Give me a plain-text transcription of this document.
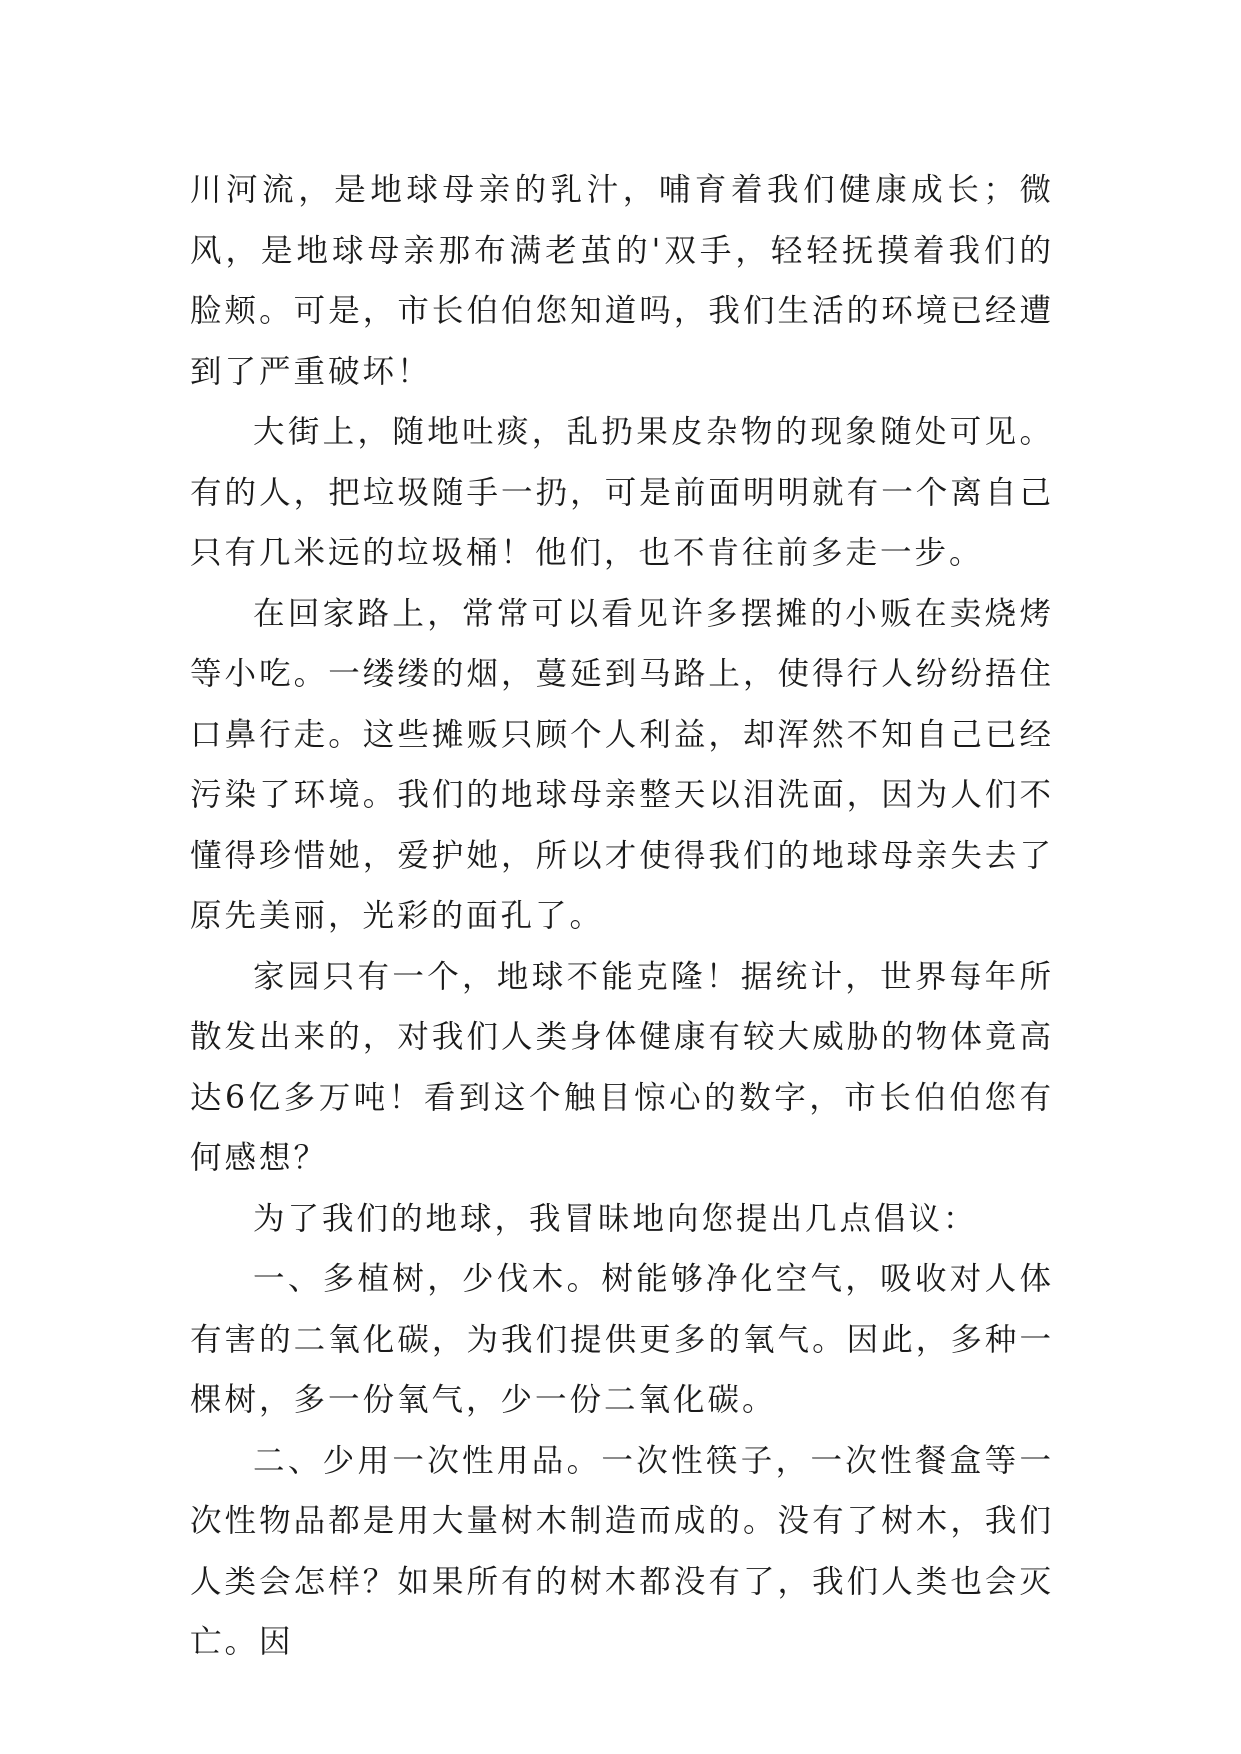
川河流，是地球母亲的乳汁，哺育着我们健康成长；微风，是地球母亲那布满老茧的'双手，轻轻抚摸着我们的脸颊。可是，市长伯伯您知道吗，我们生活的环境已经遭到了严重破坏！

大街上，随地吐痰，乱扔果皮杂物的现象随处可见。有的人，把垃圾随手一扔，可是前面明明就有一个离自己只有几米远的垃圾桶！他们，也不肯往前多走一步。

在回家路上，常常可以看见许多摆摊的小贩在卖烧烤等小吃。一缕缕的烟，蔓延到马路上，使得行人纷纷捂住口鼻行走。这些摊贩只顾个人利益，却浑然不知自己已经污染了环境。我们的地球母亲整天以泪洗面，因为人们不懂得珍惜她，爱护她，所以才使得我们的地球母亲失去了原先美丽，光彩的面孔了。

家园只有一个，地球不能克隆！据统计，世界每年所散发出来的，对我们人类身体健康有较大威胁的物体竟高达6亿多万吨！看到这个触目惊心的数字，市长伯伯您有何感想？

为了我们的地球，我冒昧地向您提出几点倡议：

一、多植树，少伐木。树能够净化空气，吸收对人体有害的二氧化碳，为我们提供更多的氧气。因此，多种一棵树，多一份氧气，少一份二氧化碳。

二、少用一次性用品。一次性筷子，一次性餐盒等一次性物品都是用大量树木制造而成的。没有了树木，我们人类会怎样？如果所有的树木都没有了，我们人类也会灭亡。因
